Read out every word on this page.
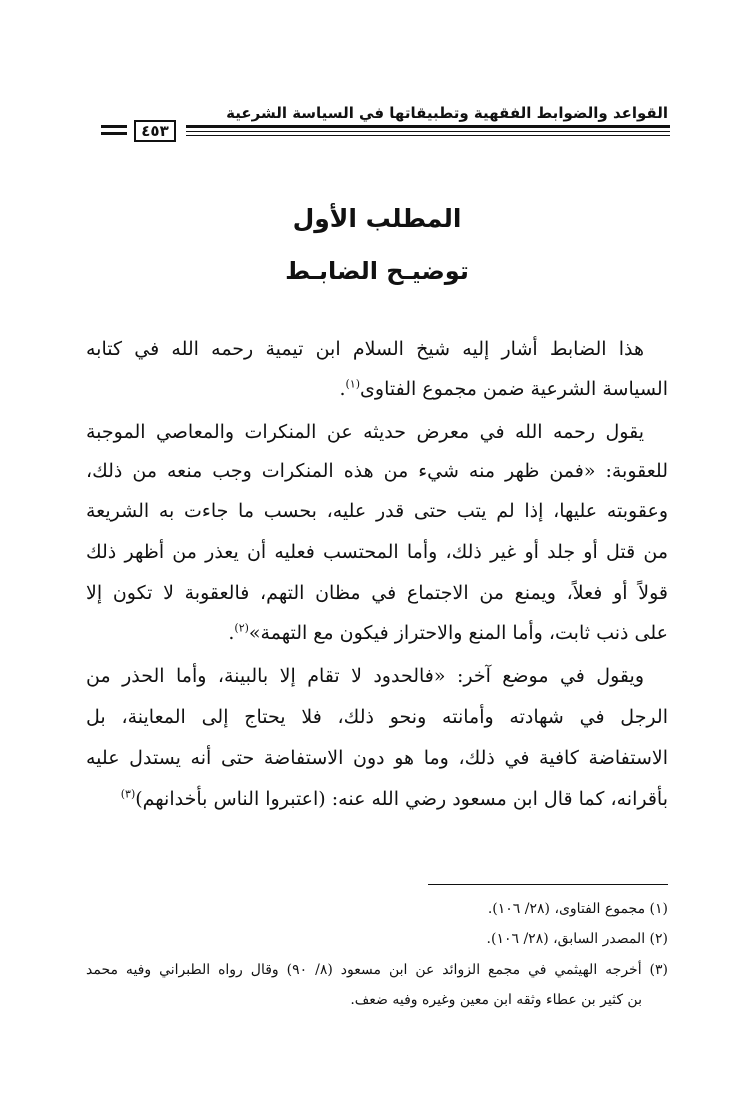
القواعد والضوابط الفقهية وتطبيقاتها في السياسة الشرعية
٤٥٣
المطلب الأول
توضيـح الضابـط
هذا الضابط أشار إليه شيخ السلام ابن تيمية رحمه الله في كتابه
السياسة الشرعية ضمن مجموع الفتاوى$^{(١)}$.
يقول رحمه الله في معرض حديثه عن المنكرات والمعاصي الموجبة
للعقوبة: «فمن ظهر منه شيء من هذه المنكرات وجب منعه من ذلك،
وعقوبته عليها، إذا لم يتب حتى قدر عليه، بحسب ما جاءت به الشريعة
من قتل أو جلد أو غير ذلك، وأما المحتسب فعليه أن يعذر من أظهر ذلك
قولاً أو فعلاً، ويمنع من الاجتماع في مظان التهم، فالعقوبة لا تكون إلا
على ذنب ثابت، وأما المنع والاحتراز فيكون مع التهمة»$^{(٢)}$.
ويقول في موضع آخر: «فالحدود لا تقام إلا بالبينة، وأما الحذر من
الرجل في شهادته وأمانته ونحو ذلك، فلا يحتاج إلى المعاينة، بل
الاستفاضة كافية في ذلك، وما هو دون الاستفاضة حتى أنه يستدل عليه
بأقرانه، كما قال ابن مسعود رضي الله عنه: (اعتبروا الناس بأخدانهم)$^{(٣)}$
(١) مجموع الفتاوى، (٢٨/ ١٠٦).
(٢) المصدر السابق، (٢٨/ ١٠٦).
(٣) أخرجه الهيثمي في مجمع الزوائد عن ابن مسعود (٨/ ٩٠) وقال رواه الطبراني وفيه محمد
بن كثير بن عطاء وثقه ابن معين وغيره وفيه ضعف.
